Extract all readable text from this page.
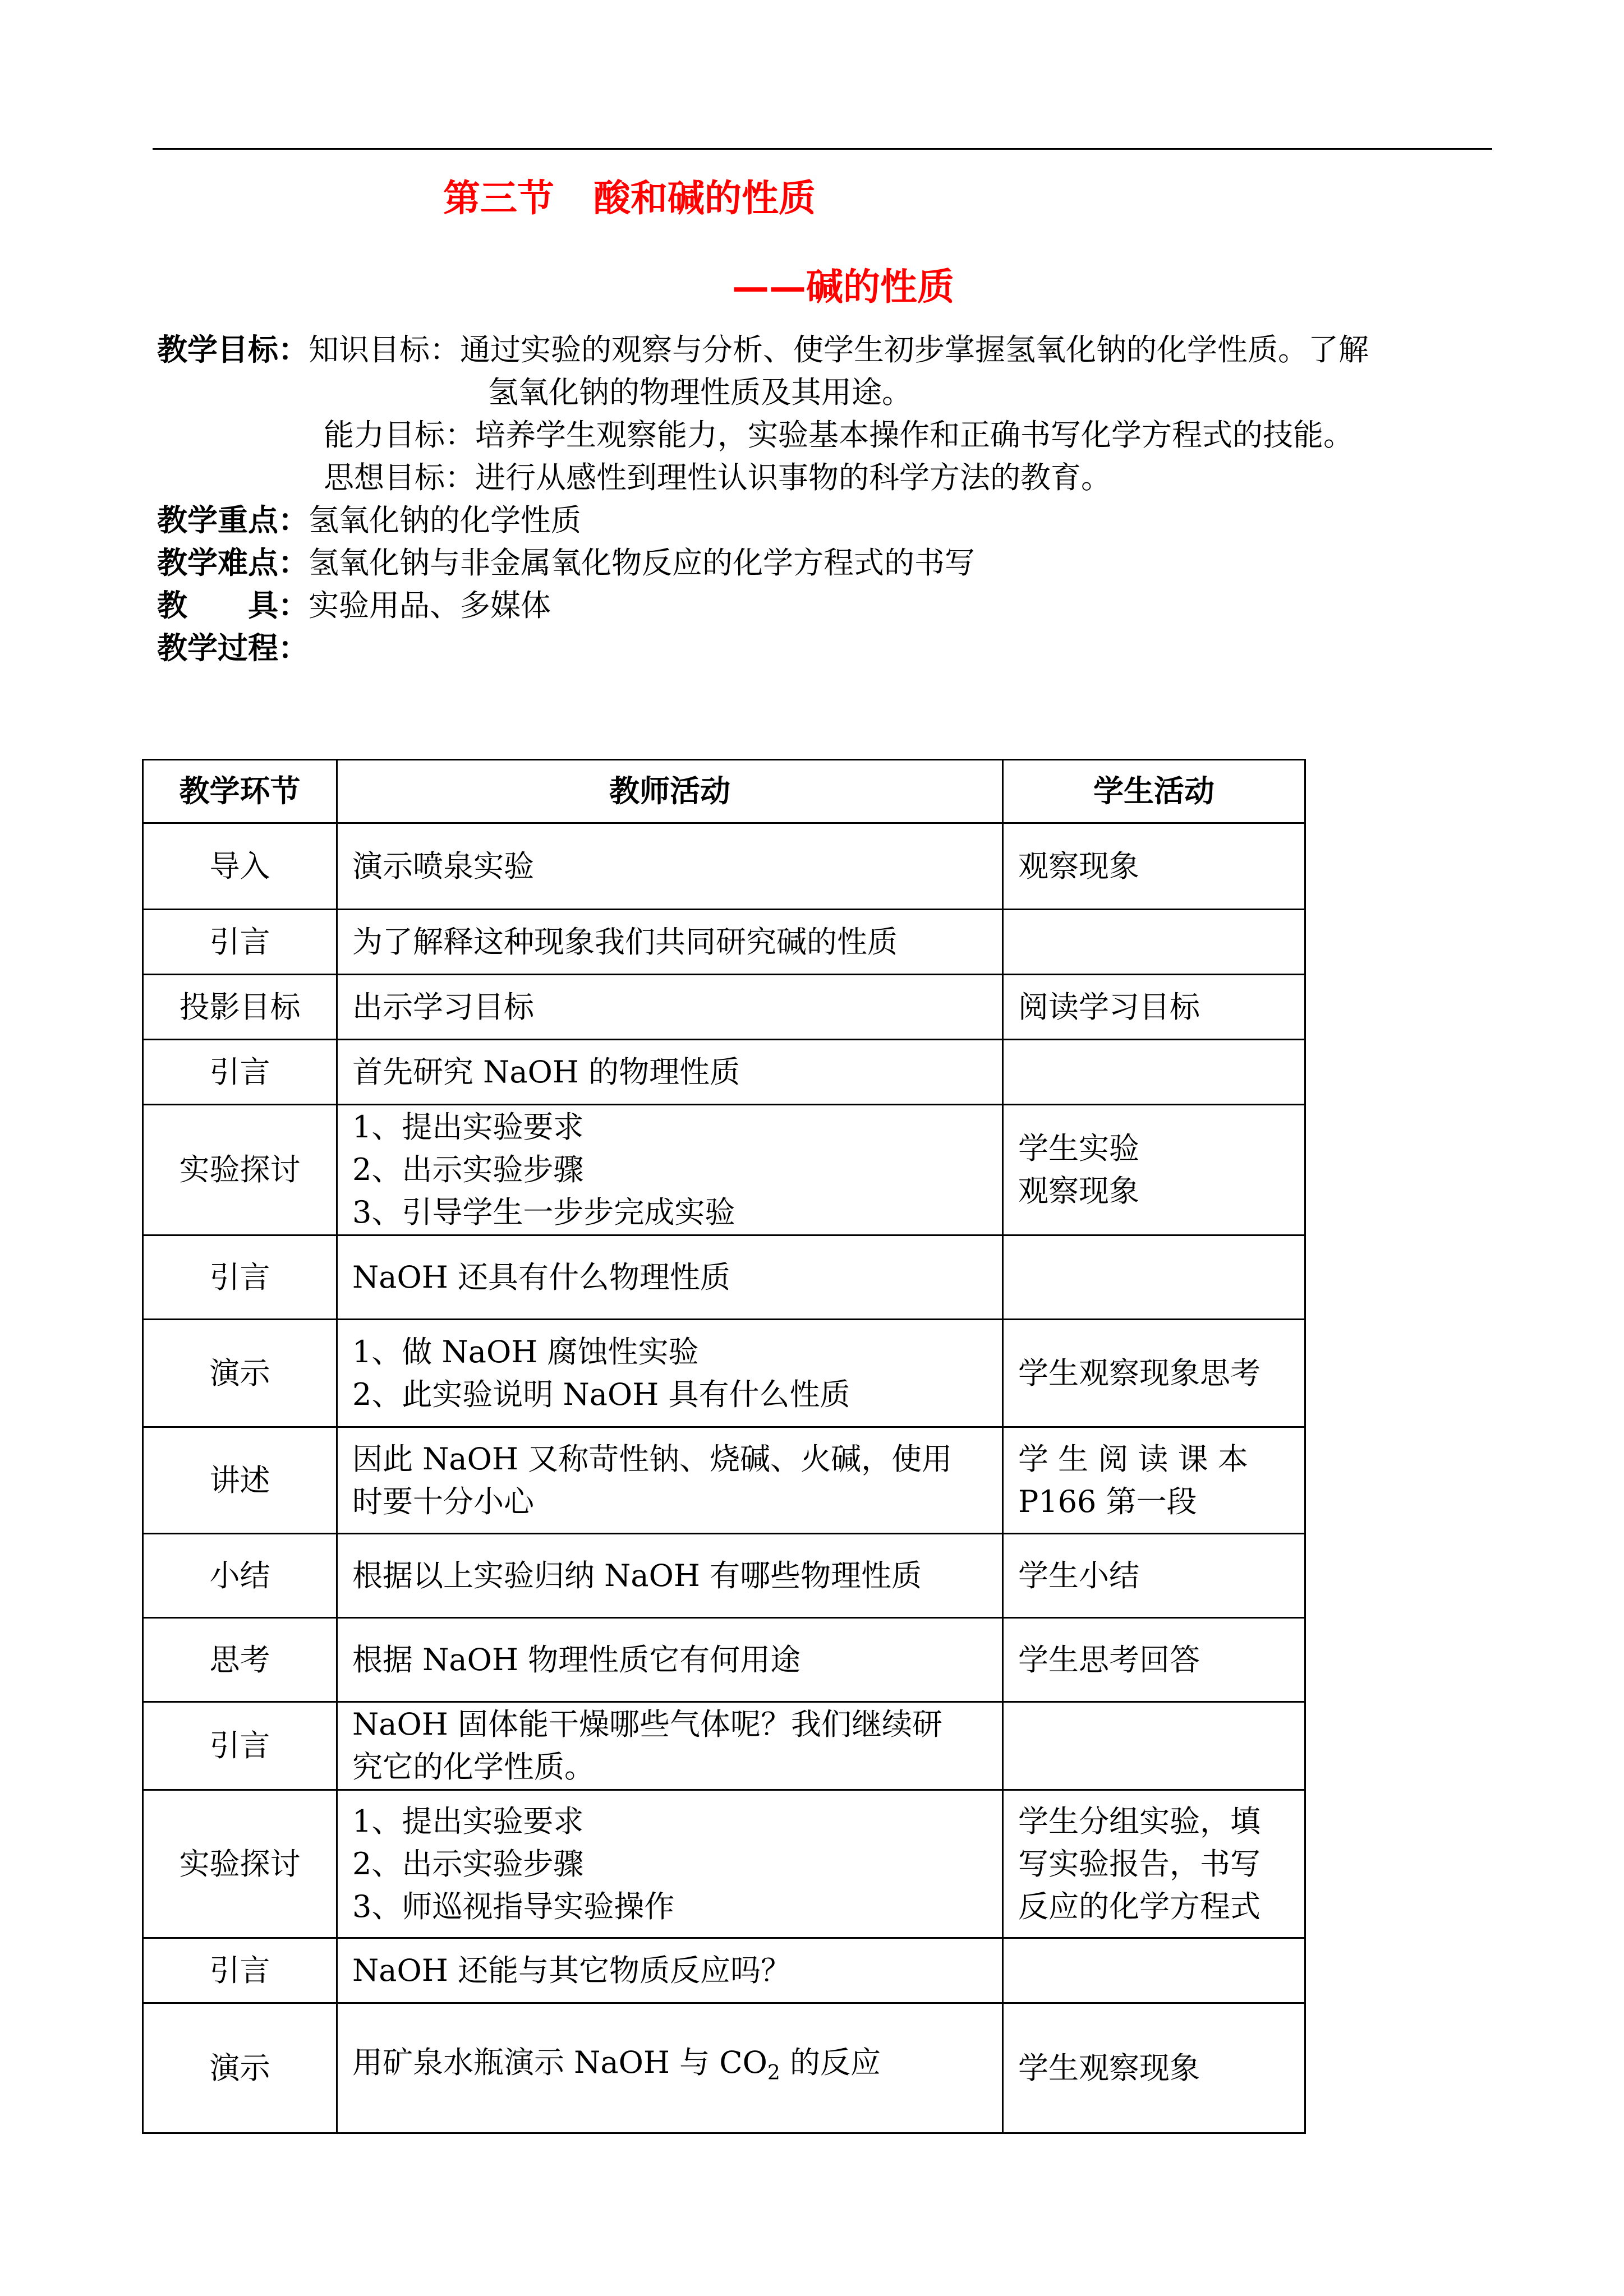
第三节 酸和碱的性质
——碱的性质
教学目标：知识目标：通过实验的观察与分析、使学生初步掌握氢氧化钠的化学性质。了解
氢氧化钠的物理性质及其用途。
能力目标：培养学生观察能力，实验基本操作和正确书写化学方程式的技能。
思想目标：进行从感性到理性认识事物的科学方法的教育。
教学重点：氢氧化钠的化学性质
教学难点：氢氧化钠与非金属氧化物反应的化学方程式的书写
教 具：实验用品、多媒体
教学过程：
教学环节	教师活动	学生活动
导入	演示喷泉实验	观察现象

引言	为了解释这种现象我们共同研究碱的性质	

投影目标	出示学习目标	阅读学习目标

引言	首先研究 NaOH 的物理性质	

实验探讨	1、提出实验要求
2、出示实验步骤
3、引导学生一步步完成实验	学生实验
观察现象

引言	NaOH 还具有什么物理性质	

演示	1、做 NaOH 腐蚀性实验
2、此实验说明 NaOH 具有什么性质	学生观察现象思考

讲述	因此 NaOH 又称苛性钠、烧碱、火碱，使用
时要十分小心	学 生 阅 读 课 本
P166 第一段

小结	根据以上实验归纳 NaOH 有哪些物理性质	学生小结

思考	根据 NaOH 物理性质它有何用途	学生思考回答

引言	NaOH 固体能干燥哪些气体呢？我们继续研
究它的化学性质。	

实验探讨	1、提出实验要求
2、出示实验步骤
3、师巡视指导实验操作	学生分组实验，填
写实验报告，书写
反应的化学方程式

引言	NaOH 还能与其它物质反应吗？	

演示	用矿泉水瓶演示 NaOH 与 $CO_2$ 的反应	学生观察现象
